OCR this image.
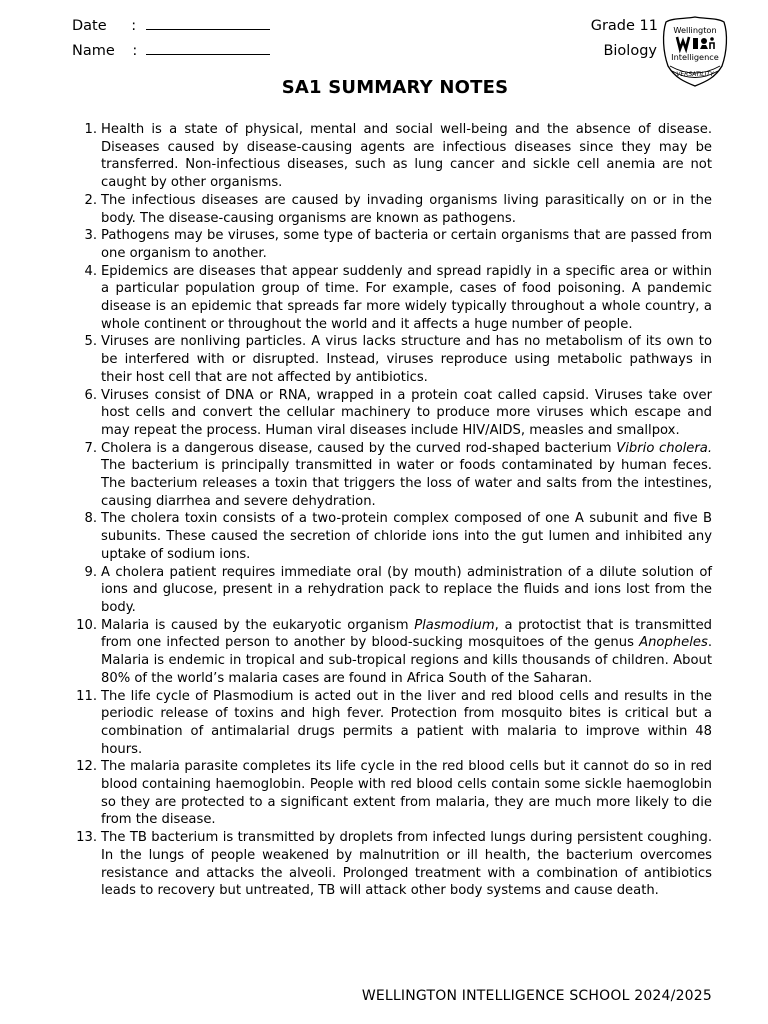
Date :
Name :
Grade 11
Biology
Wellington
Intelligence
VERSATILITY
SA1 SUMMARY NOTES
1. Health is a state of physical, mental and social well-being and the absence of disease. Diseases caused by disease-causing agents are infectious diseases since they may be transferred. Non-infectious diseases, such as lung cancer and sickle cell anemia are not caught by other organisms.
2. The infectious diseases are caused by invading organisms living parasitically on or in the body. The disease-causing organisms are known as pathogens.
3. Pathogens may be viruses, some type of bacteria or certain organisms that are passed from one organism to another.
4. Epidemics are diseases that appear suddenly and spread rapidly in a specific area or within a particular population group of time. For example, cases of food poisoning. A pandemic disease is an epidemic that spreads far more widely typically throughout a whole country, a whole continent or throughout the world and it affects a huge number of people.
5. Viruses are nonliving particles. A virus lacks structure and has no metabolism of its own to be interfered with or disrupted. Instead, viruses reproduce using metabolic pathways in their host cell that are not affected by antibiotics.
6. Viruses consist of DNA or RNA, wrapped in a protein coat called capsid. Viruses take over host cells and convert the cellular machinery to produce more viruses which escape and may repeat the process. Human viral diseases include HIV/AIDS, measles and smallpox.
7. Cholera is a dangerous disease, caused by the curved rod-shaped bacterium Vibrio cholera. The bacterium is principally transmitted in water or foods contaminated by human feces. The bacterium releases a toxin that triggers the loss of water and salts from the intestines, causing diarrhea and severe dehydration.
8. The cholera toxin consists of a two-protein complex composed of one A subunit and five B subunits. These caused the secretion of chloride ions into the gut lumen and inhibited any uptake of sodium ions.
9. A cholera patient requires immediate oral (by mouth) administration of a dilute solution of ions and glucose, present in a rehydration pack to replace the fluids and ions lost from the body.
10. Malaria is caused by the eukaryotic organism Plasmodium, a protoctist that is transmitted from one infected person to another by blood-sucking mosquitoes of the genus Anopheles. Malaria is endemic in tropical and sub-tropical regions and kills thousands of children. About 80% of the world’s malaria cases are found in Africa South of the Saharan.
11. The life cycle of Plasmodium is acted out in the liver and red blood cells and results in the periodic release of toxins and high fever. Protection from mosquito bites is critical but a combination of antimalarial drugs permits a patient with malaria to improve within 48 hours.
12. The malaria parasite completes its life cycle in the red blood cells but it cannot do so in red blood containing haemoglobin. People with red blood cells contain some sickle haemoglobin so they are protected to a significant extent from malaria, they are much more likely to die from the disease.
13. The TB bacterium is transmitted by droplets from infected lungs during persistent coughing. In the lungs of people weakened by malnutrition or ill health, the bacterium overcomes resistance and attacks the alveoli. Prolonged treatment with a combination of antibiotics leads to recovery but untreated, TB will attack other body systems and cause death.
WELLINGTON INTELLIGENCE SCHOOL 2024/2025
